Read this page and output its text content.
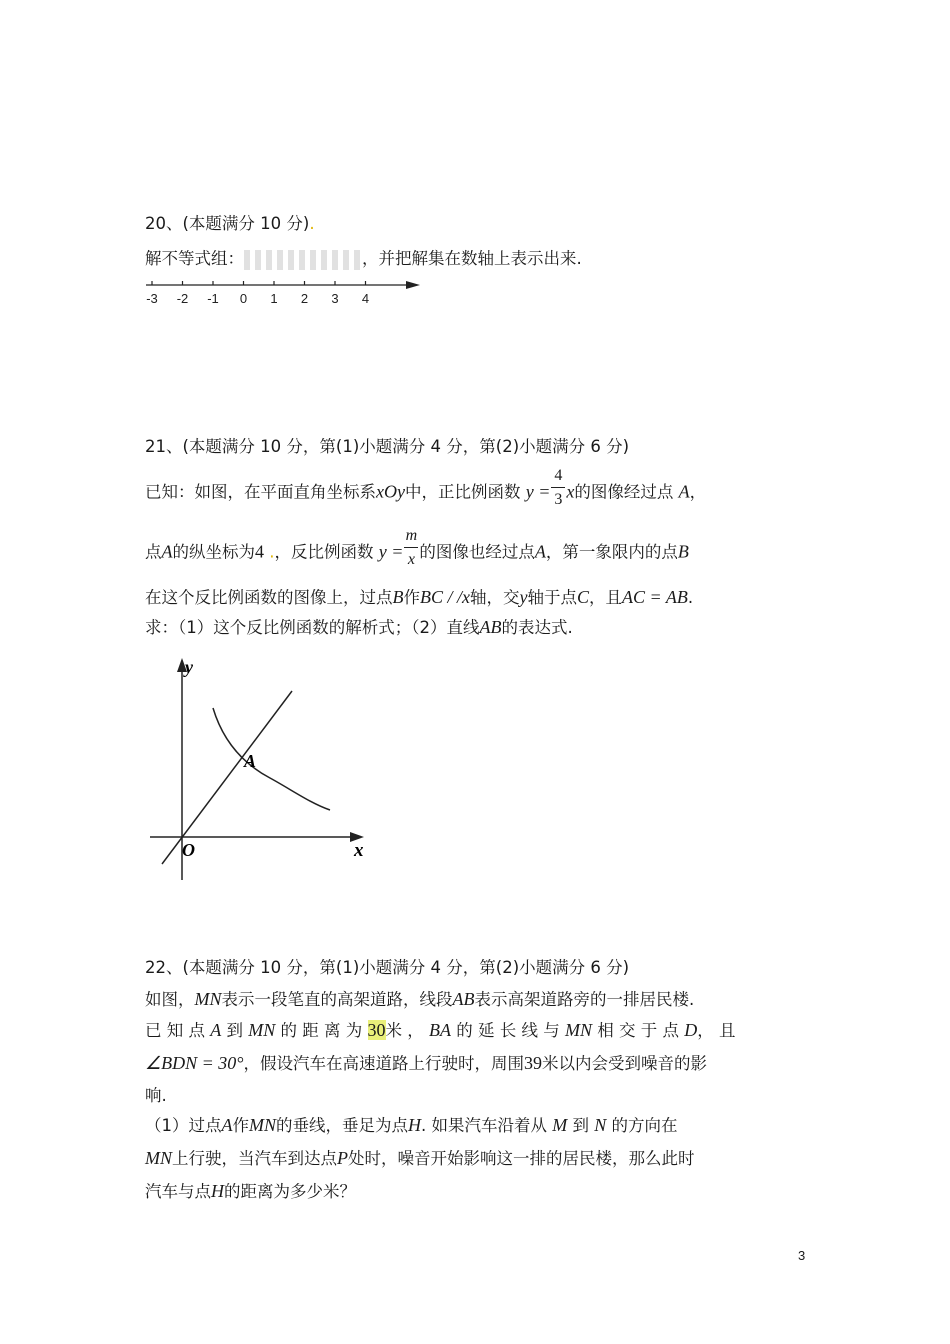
20、(本题满分 10 分).
解不等式组：	，并把解集在数轴上表示出来.
-3 -2 -1 0 1 2 3 4
21、(本题满分 10 分，第(1)小题满分 4 分，第(2)小题满分 6 分)
已知：如图，在平面直角坐标系xOy中，正比例函数 $y = \frac{4}{3}$ x的图像经过点 A，
点A的纵坐标为4 .，反比例函数 $y = \frac{m}{x}$ 的图像也经过点A，第一象限内的点B
在这个反比例函数的图像上，过点B作BC / /x轴，交y轴于点C，且AC = AB.
求：（1）这个反比例函数的解析式；（2）直线AB的表达式.
y
x
O
A
22、(本题满分 10 分，第(1)小题满分 4 分，第(2)小题满分 6 分)
如图，MN表示一段笔直的高架道路，线段AB表示高架道路旁的一排居民楼.
已 知 点 A 到 MN 的 距 离 为 30米 ， BA 的 延 长 线 与 MN 相 交 于 点 D， 且
∠BDN = 30°，假设汽车在高速道路上行驶时，周围39米以内会受到噪音的影
响.
（1）过点A作MN的垂线，垂足为点H. 如果汽车沿着从 M 到 N 的方向在
MN上行驶，当汽车到达点P处时，噪音开始影响这一排的居民楼，那么此时
汽车与点H的距离为多少米？
3
